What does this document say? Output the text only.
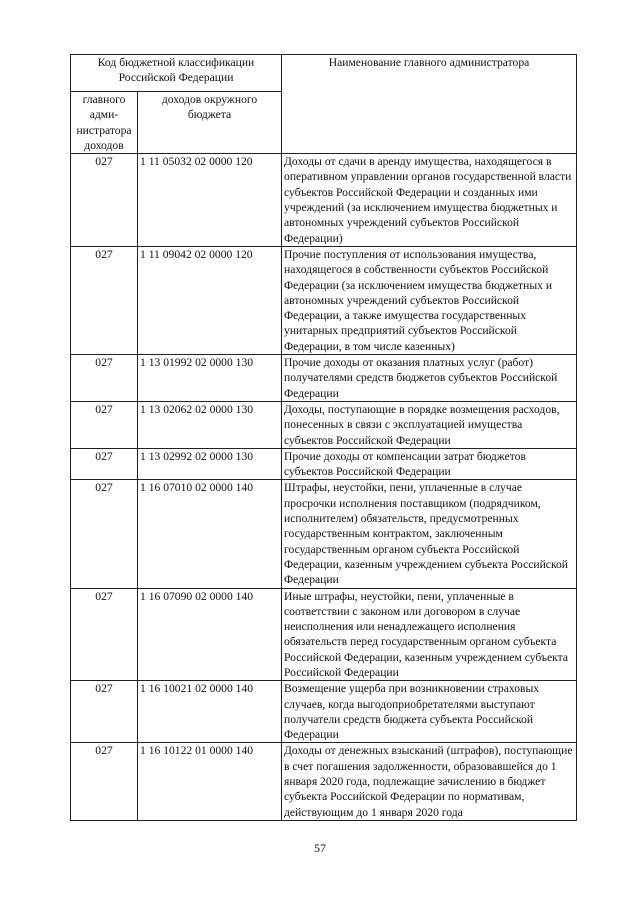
Код бюджетной классификации Российской Федерации		Наименование главного администратора
главного адми-нистратора доходов	доходов окружного бюджета	
027	1 11 05032 02 0000 120	Доходы от сдачи в аренду имущества, находящегося в оперативном управлении органов государственной власти субъектов Российской Федерации и созданных ими учреждений (за исключением имущества бюджетных и автономных учреждений субъектов Российской Федерации)
027	1 11 09042 02 0000 120	Прочие поступления от использования имущества, находящегося в собственности субъектов Российской Федерации (за исключением имущества бюджетных и автономных учреждений субъектов Российской Федерации, а также имущества государственных унитарных предприятий субъектов Российской Федерации, в том числе казенных)
027	1 13 01992 02 0000 130	Прочие доходы от оказания платных услуг (работ) получателями средств бюджетов субъектов Российской Федерации
027	1 13 02062 02 0000 130	Доходы, поступающие в порядке возмещения расходов, понесенных в связи с эксплуатацией имущества субъектов Российской Федерации
027	1 13 02992 02 0000 130	Прочие доходы от компенсации затрат бюджетов субъектов Российской Федерации
027	1 16 07010 02 0000 140	Штрафы, неустойки, пени, уплаченные в случае просрочки исполнения поставщиком (подрядчиком, исполнителем) обязательств, предусмотренных государственным контрактом, заключенным государственным органом субъекта Российской Федерации, казенным учреждением субъекта Российской Федерации
027	1 16 07090 02 0000 140	Иные штрафы, неустойки, пени, уплаченные в соответствии с законом или договором в случае неисполнения или ненадлежащего исполнения обязательств перед государственным органом субъекта Российской Федерации, казенным учреждением субъекта Российской Федерации
027	1 16 10021 02 0000 140	Возмещение ущерба при возникновении страховых случаев, когда выгодоприобретателями выступают получатели средств бюджета субъекта Российской Федерации
027	1 16 10122 01 0000 140	Доходы от денежных взысканий (штрафов), поступающие в счет погашения задолженности, образовавшейся до 1 января 2020 года, подлежащие зачислению в бюджет субъекта Российской Федерации по нормативам, действующим до 1 января 2020 года
57
